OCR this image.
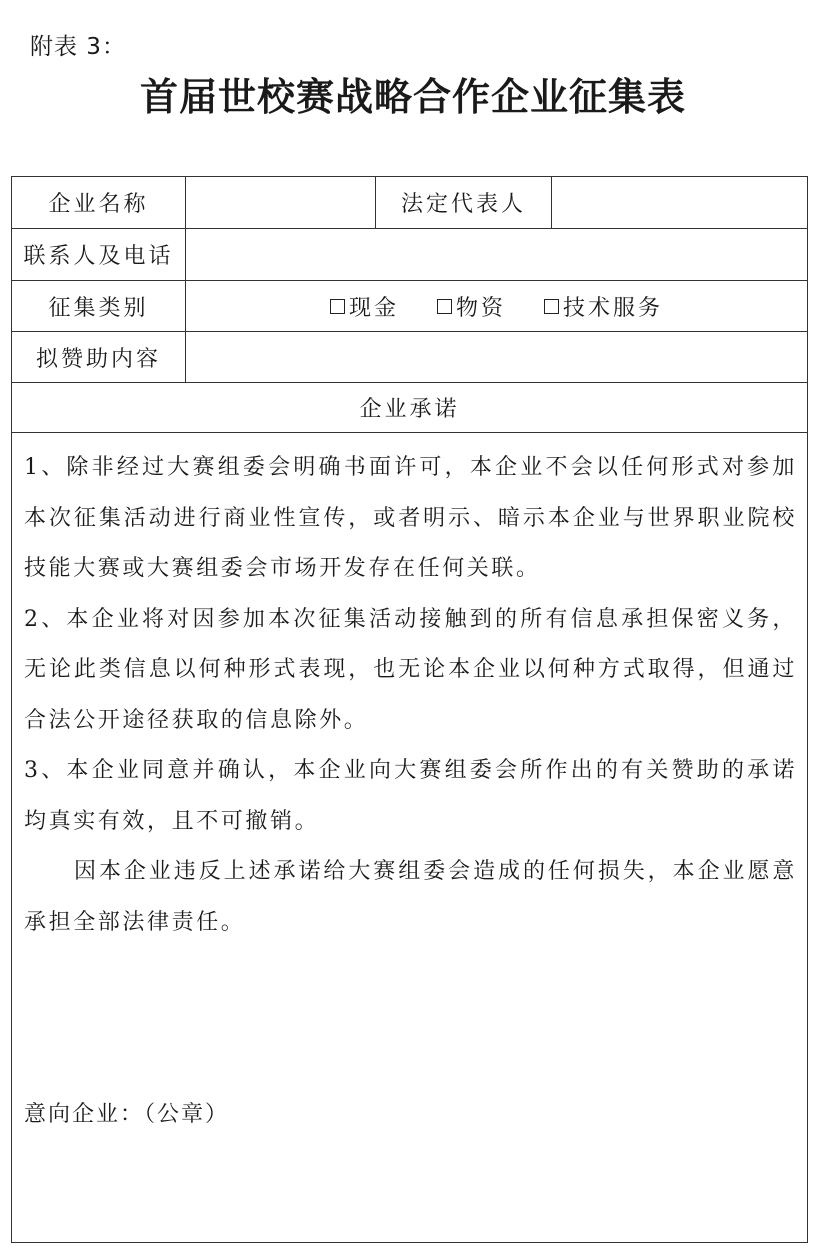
附表 3：
首届世校赛战略合作企业征集表
企业名称	法定代表人
联系人及电话
征集类别	现金	物资	技术服务
拟赞助内容
企业承诺

1、除非经过大赛组委会明确书面许可，本企业不会以任何形式对参加本次征集活动进行商业性宣传，或者明示、暗示本企业与世界职业院校技能大赛或大赛组委会市场开发存在任何关联。

2、本企业将对因参加本次征集活动接触到的所有信息承担保密义务，无论此类信息以何种形式表现，也无论本企业以何种方式取得，但通过合法公开途径获取的信息除外。

3、本企业同意并确认，本企业向大赛组委会所作出的有关赞助的承诺均真实有效，且不可撤销。

因本企业违反上述承诺给大赛组委会造成的任何损失，本企业愿意承担全部法律责任。

意向企业：（公章）
